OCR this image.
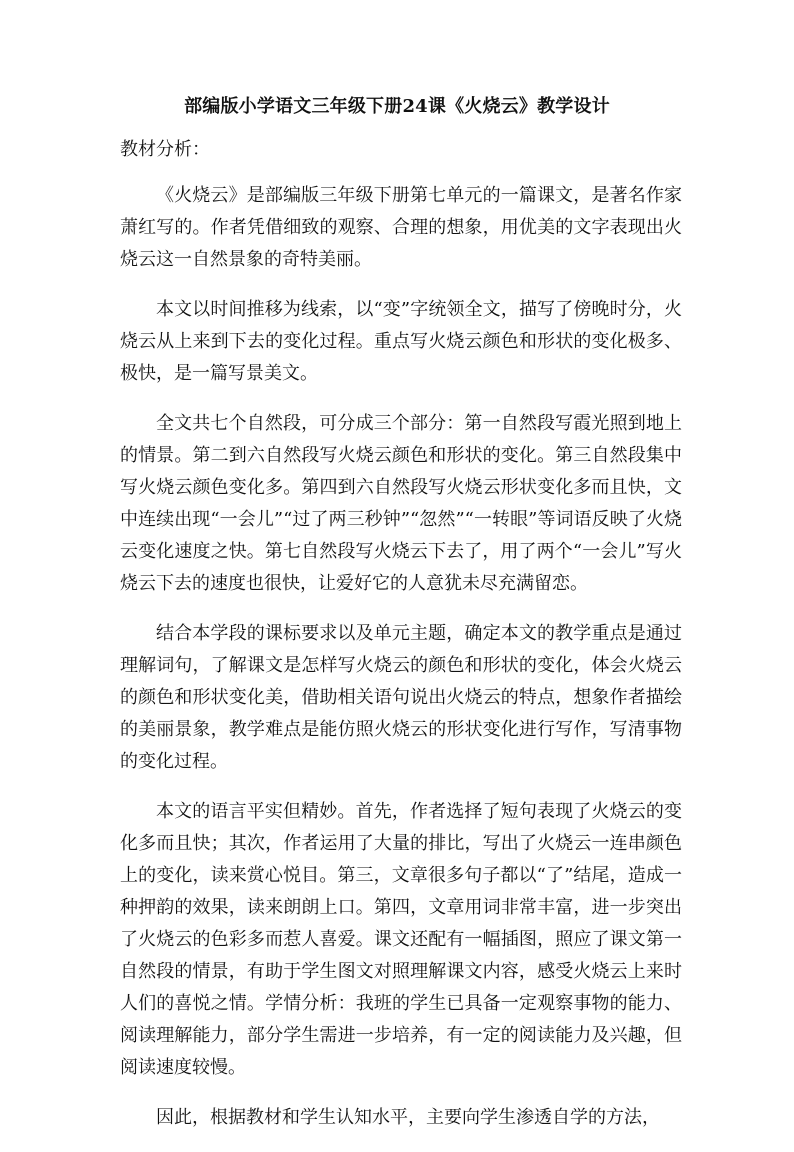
部编版小学语文三年级下册24课《火烧云》教学设计
教材分析：

《火烧云》是部编版三年级下册第七单元的一篇课文，是著名作家萧红写的。作者凭借细致的观察、合理的想象，用优美的文字表现出火烧云这一自然景象的奇特美丽。

本文以时间推移为线索，以“变”字统领全文，描写了傍晚时分，火烧云从上来到下去的变化过程。重点写火烧云颜色和形状的变化极多、极快，是一篇写景美文。

全文共七个自然段，可分成三个部分：第一自然段写霞光照到地上的情景。第二到六自然段写火烧云颜色和形状的变化。第三自然段集中写火烧云颜色变化多。第四到六自然段写火烧云形状变化多而且快，文中连续出现“一会儿”“过了两三秒钟”“忽然”“一转眼”等词语反映了火烧云变化速度之快。第七自然段写火烧云下去了，用了两个“一会儿”写火烧云下去的速度也很快，让爱好它的人意犹未尽充满留恋。

结合本学段的课标要求以及单元主题，确定本文的教学重点是通过理解词句，了解课文是怎样写火烧云的颜色和形状的变化，体会火烧云的颜色和形状变化美，借助相关语句说出火烧云的特点，想象作者描绘的美丽景象，教学难点是能仿照火烧云的形状变化进行写作，写清事物的变化过程。

本文的语言平实但精妙。首先，作者选择了短句表现了火烧云的变化多而且快；其次，作者运用了大量的排比，写出了火烧云一连串颜色上的变化，读来赏心悦目。第三，文章很多句子都以“了”结尾，造成一种押韵的效果，读来朗朗上口。第四，文章用词非常丰富，进一步突出了火烧云的色彩多而惹人喜爱。课文还配有一幅插图，照应了课文第一自然段的情景，有助于学生图文对照理解课文内容，感受火烧云上来时人们的喜悦之情。学情分析：我班的学生已具备一定观察事物的能力、阅读理解能力，部分学生需进一步培养，有一定的阅读能力及兴趣，但阅读速度较慢。

因此，根据教材和学生认知水平，主要向学生渗透自学的方法，
